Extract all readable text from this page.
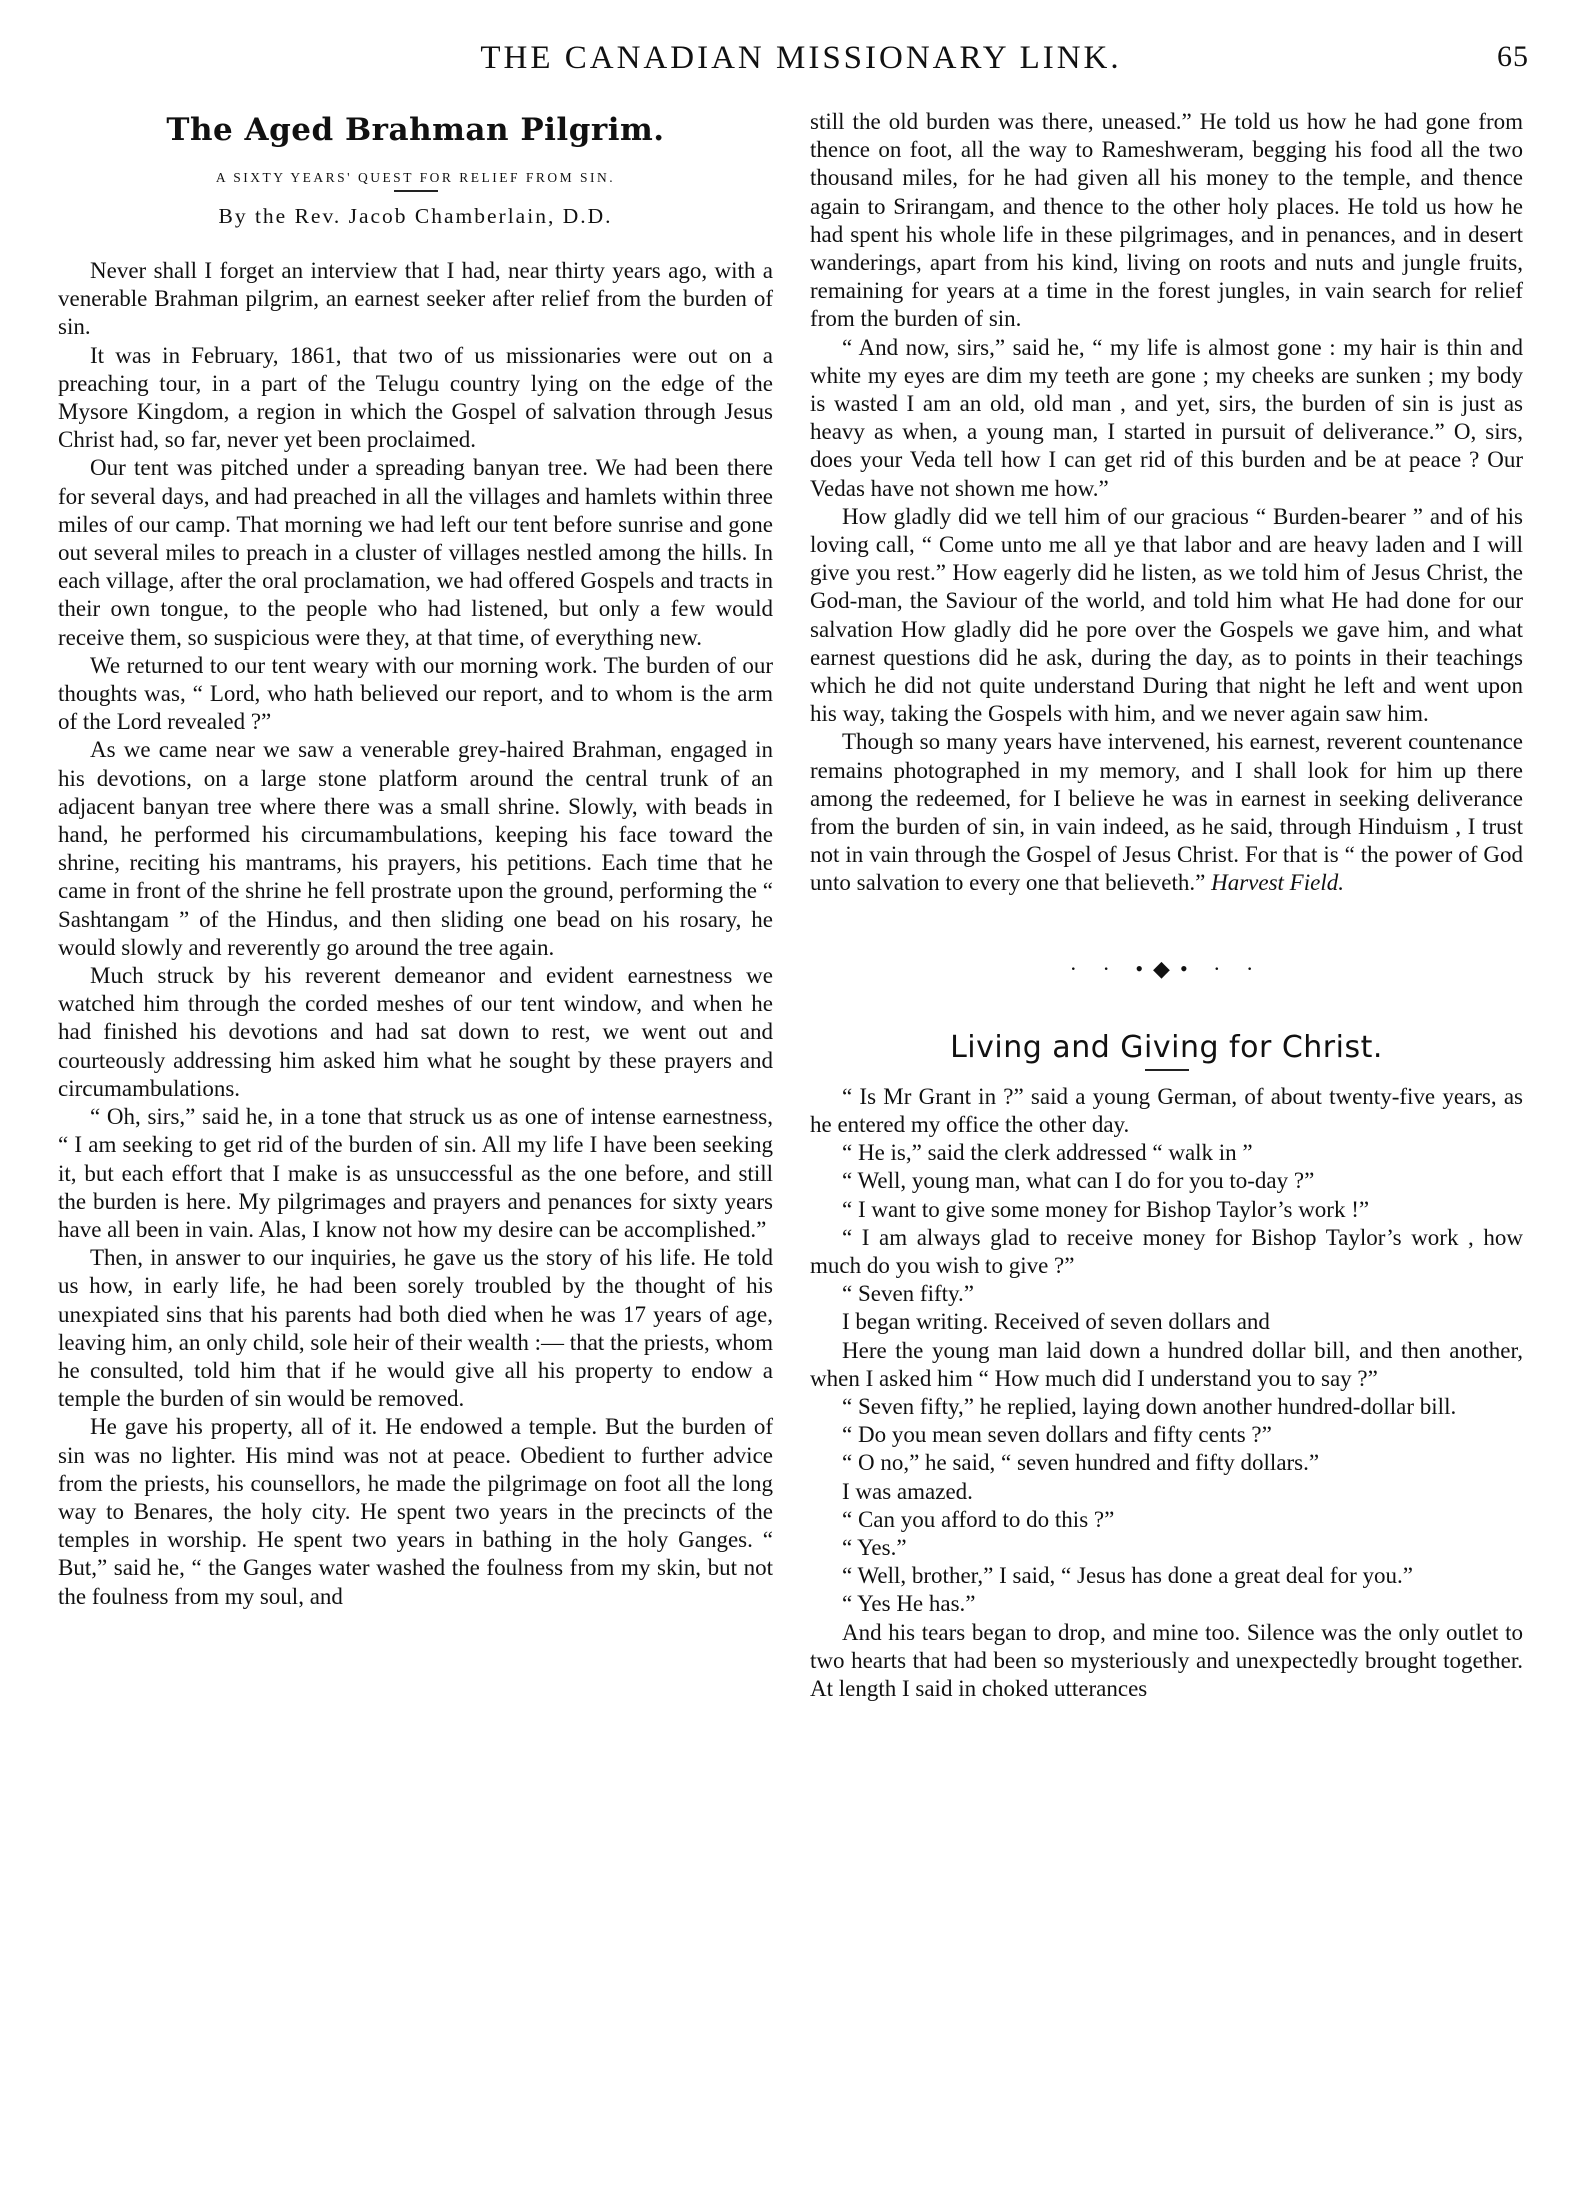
THE CANADIAN MISSIONARY LINK.	65
The Aged Brahman Pilgrim.
A SIXTY YEARS' QUEST FOR RELIEF FROM SIN.
By the Rev. Jacob Chamberlain, D.D.

Never shall I forget an interview that I had, near thirty years ago, with a venerable Brahman pilgrim, an earnest seeker after relief from the burden of sin.

It was in February, 1861, that two of us missionaries were out on a preaching tour, in a part of the Telugu country lying on the edge of the Mysore Kingdom, a region in which the Gospel of salvation through Jesus Christ had, so far, never yet been proclaimed.

Our tent was pitched under a spreading banyan tree. We had been there for several days, and had preached in all the villages and hamlets within three miles of our camp. That morning we had left our tent before sunrise and gone out several miles to preach in a cluster of villages nestled among the hills. In each village, after the oral proclamation, we had offered Gospels and tracts in their own tongue, to the people who had listened, but only a few would receive them, so suspicious were they, at that time, of everything new.

We returned to our tent weary with our morning work. The burden of our thoughts was, “ Lord, who hath believed our report, and to whom is the arm of the Lord revealed ?”

As we came near we saw a venerable grey-haired Brahman, engaged in his devotions, on a large stone platform around the central trunk of an adjacent banyan tree where there was a small shrine. Slowly, with beads in hand, he performed his circumambulations, keeping his face toward the shrine, reciting his mantrams, his prayers, his petitions. Each time that he came in front of the shrine he fell prostrate upon the ground, performing the “ Sashtangam ” of the Hindus, and then sliding one bead on his rosary, he would slowly and reverently go around the tree again.

Much struck by his reverent demeanor and evident earnestness we watched him through the corded meshes of our tent window, and when he had finished his devotions and had sat down to rest, we went out and courteously addressing him asked him what he sought by these prayers and circumambulations.

“ Oh, sirs,” said he, in a tone that struck us as one of intense earnestness, “ I am seeking to get rid of the burden of sin. All my life I have been seeking it, but each effort that I make is as unsuccessful as the one before, and still the burden is here. My pilgrimages and prayers and penances for sixty years have all been in vain. Alas, I know not how my desire can be accomplished.”

Then, in answer to our inquiries, he gave us the story of his life. He told us how, in early life, he had been sorely troubled by the thought of his unexpiated sins that his parents had both died when he was 17 years of age, leaving him, an only child, sole heir of their wealth :— that the priests, whom he consulted, told him that if he would give all his property to endow a temple the burden of sin would be removed.

He gave his property, all of it. He endowed a temple. But the burden of sin was no lighter. His mind was not at peace. Obedient to further advice from the priests, his counsellors, he made the pilgrimage on foot all the long way to Benares, the holy city. He spent two years in the precincts of the temples in worship. He spent two years in bathing in the holy Ganges. “ But,” said he, “ the Ganges water washed the foulness from my skin, but not the foulness from my soul, and

still the old burden was there, uneased.” He told us how he had gone from thence on foot, all the way to Rameshweram, begging his food all the two thousand miles, for he had given all his money to the temple, and thence again to Srirangam, and thence to the other holy places. He told us how he had spent his whole life in these pilgrimages, and in penances, and in desert wanderings, apart from his kind, living on roots and nuts and jungle fruits, remaining for years at a time in the forest jungles, in vain search for relief from the burden of sin.

“ And now, sirs,” said he, “ my life is almost gone : my hair is thin and white my eyes are dim my teeth are gone ; my cheeks are sunken ; my body is wasted I am an old, old man , and yet, sirs, the burden of sin is just as heavy as when, a young man, I started in pursuit of deliverance.” O, sirs, does your Veda tell how I can get rid of this burden and be at peace ? Our Vedas have not shown me how.”

How gladly did we tell him of our gracious “ Burden-bearer ” and of his loving call, “ Come unto me all ye that labor and are heavy laden and I will give you rest.” How eagerly did he listen, as we told him of Jesus Christ, the God-man, the Saviour of the world, and told him what He had done for our salvation How gladly did he pore over the Gospels we gave him, and what earnest questions did he ask, during the day, as to points in their teachings which he did not quite understand During that night he left and went upon his way, taking the Gospels with him, and we never again saw him.

Though so many years have intervened, his earnest, reverent countenance remains photographed in my memory, and I shall look for him up there among the redeemed, for I believe he was in earnest in seeking deliverance from the burden of sin, in vain indeed, as he said, through Hinduism , I trust not in vain through the Gospel of Jesus Christ. For that is “ the power of God unto salvation to every one that believeth.” Harvest Field.

· · •◆• · ·
Living and Giving for Christ.

“ Is Mr Grant in ?” said a young German, of about twenty-five years, as he entered my office the other day.

“ He is,” said the clerk addressed “ walk in ”

“ Well, young man, what can I do for you to-day ?”

“ I want to give some money for Bishop Taylor’s work !”

“ I am always glad to receive money for Bishop Taylor’s work , how much do you wish to give ?”

“ Seven fifty.”

I began writing. Received of seven dollars and

Here the young man laid down a hundred dollar bill, and then another, when I asked him “ How much did I understand you to say ?”

“ Seven fifty,” he replied, laying down another hundred-dollar bill.

“ Do you mean seven dollars and fifty cents ?”

“ O no,” he said, “ seven hundred and fifty dollars.”

I was amazed.

“ Can you afford to do this ?”

“ Yes.”

“ Well, brother,” I said, “ Jesus has done a great deal for you.”

“ Yes He has.”

And his tears began to drop, and mine too. Silence was the only outlet to two hearts that had been so mysteriously and unexpectedly brought together. At length I said in choked utterances
